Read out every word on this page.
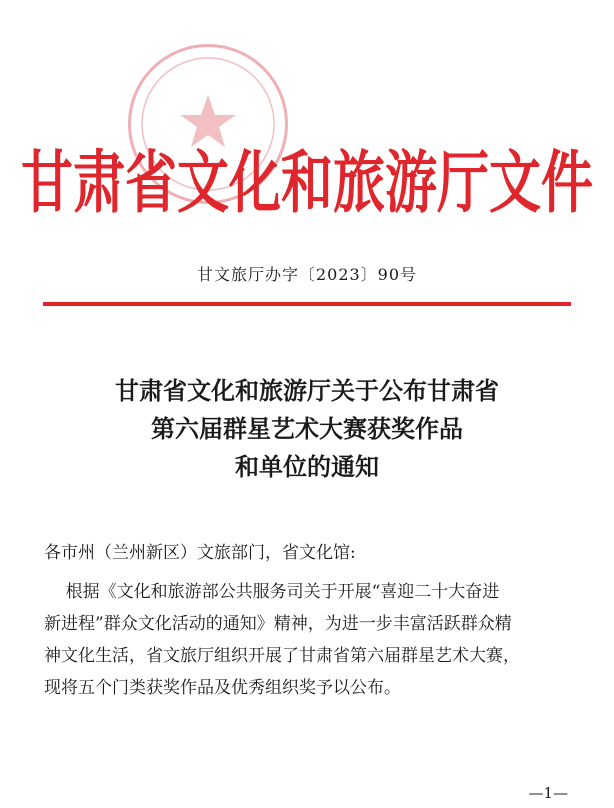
甘肃省文化和旅游厅文件
甘文旅厅办字〔2023〕90号
甘肃省文化和旅游厅关于公布甘肃省
第六届群星艺术大赛获奖作品
和单位的通知
各市州（兰州新区）文旅部门，省文化馆:
根据《文化和旅游部公共服务司关于开展“喜迎二十大奋进
新进程”群众文化活动的通知》精神，为进一步丰富活跃群众精
神文化生活，省文旅厅组织开展了甘肃省第六届群星艺术大赛，
现将五个门类获奖作品及优秀组织奖予以公布。
—1—
